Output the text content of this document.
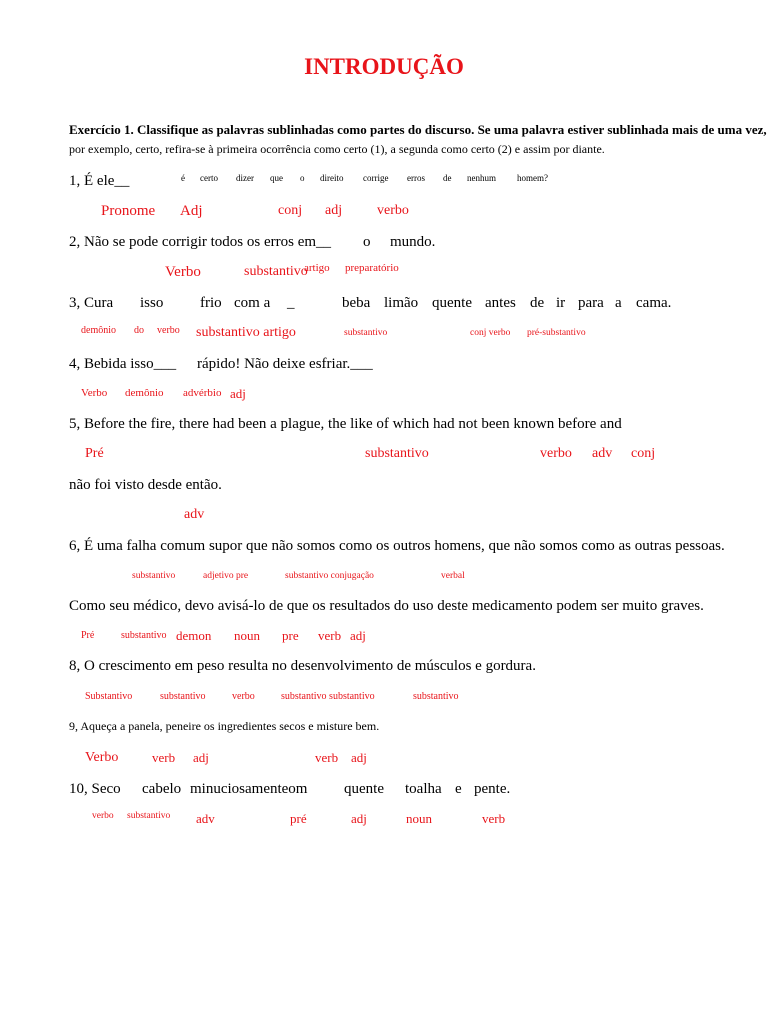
INTRODUÇÃO
Exercício 1. Classifique as palavras sublinhadas como partes do discurso. Se uma palavra estiver sublinhada mais de uma vez,
por exemplo, certo, refira-se à primeira ocorrência como certo (1), a segunda como certo (2) e assim por diante.
1, É ele__	é certo dizer que o direito corrige erros de nenhum homem?
Pronome Adj	conj adj verbo
2, Não se pode corrigir todos os erros em__ o mundo.
Verbo	substantivo
artigo preparatório
3, Cura isso frio com a _	beba limão quente antes de ir para a cama.
demônio do verbo substantivo artigo	substantivo	conj verbo pré-substantivo
4, Bebida isso___ rápido! Não deixe esfriar.___
Verbo demônio advérbio adj
5, Before the fire, there had been a plague, the like of which had not been known before and
Pré	substantivo	verbo adv conj
não foi visto desde então.
adv
6, É uma falha comum supor que não somos como os outros homens, que não somos como as outras pessoas.
substantivo	adjetivo pre	substantivo conjugação	verbal
Como seu médico, devo avisá-lo de que os resultados do uso deste medicamento podem ser muito graves.
Pré	substantivo demon noun pre verb adj
8, O crescimento em peso resulta no desenvolvimento de músculos e gordura.
Substantivo	substantivo	verbo	substantivo substantivo	substantivo
9, Aqueça a panela, peneire os ingredientes secos e misture bem.
Verbo	verb adj	verb adj
10, Seco cabelo minuciosamenteom quente toalha e pente.
verbo substantivo adv	pré	adj	noun	verb
